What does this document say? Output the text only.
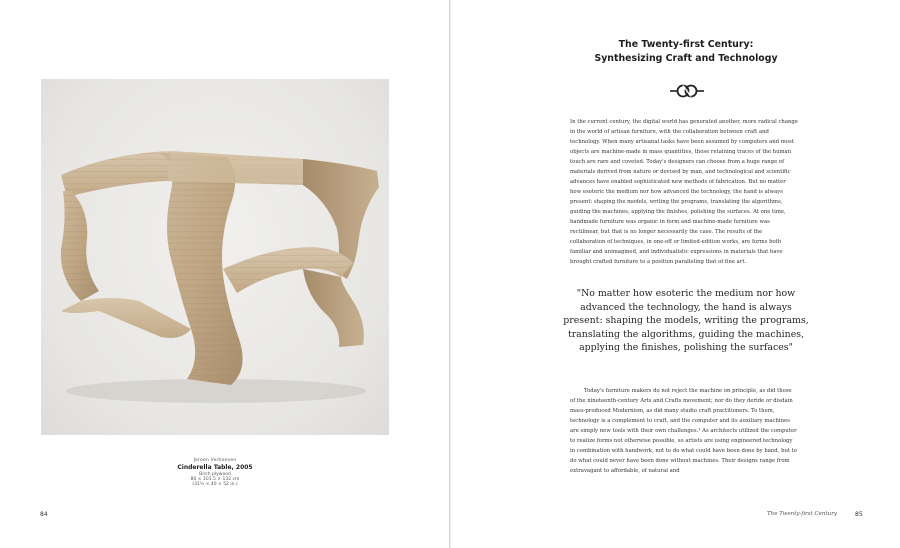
Jeroen Verhoeven
Cinderella Table, 2005
Birch plywood
80 × 101.5 × 132 cm
(31½ × 40 × 52 in.)
84
The Twenty-first Century:
Synthesizing Craft and Technology

In the current century, the digital world has generated another, more radical change in the world of artisan furniture, with the collaboration between craft and technology. When many artisanal tasks have been assumed by computers and most objects are machine-made in mass quantities, those retaining traces of the human touch are rare and coveted. Today's designers can choose from a huge range of materials derived from nature or devised by man, and technological and scientific advances have enabled sophisticated new methods of fabrication. But no matter how esoteric the medium nor how advanced the technology, the hand is always present: shaping the models, writing the programs, translating the algorithms, guiding the machines, applying the finishes, polishing the surfaces. At one time, handmade furniture was organic in form and machine-made furniture was rectilinear, but that is no longer necessarily the case. The results of the collaboration of techniques, in one-off or limited-edition works, are forms both familiar and unimagined, and individualistic expressions in materials that have brought crafted furniture to a position paralleling that of fine art.

"No matter how esoteric the medium nor how advanced the technology, the hand is always present: shaping the models, writing the programs, translating the algorithms, guiding the machines, applying the finishes, polishing the surfaces"

Today's furniture makers do not reject the machine on principle, as did those of the nineteenth-century Arts and Crafts movement; nor do they deride or disdain mass-produced Modernism, as did many studio craft practitioners. To them, technology is a complement to craft, and the computer and its auxiliary machines are simply new tools with their own challenges.¹ As architects utilized the computer to realize forms not otherwise possible, so artists are using engineered technology in combination with handwork, not to do what could have been done by hand, but to do what could never have been done without machines. Their designs range from extravagant to affordable, of natural and

The Twenty-first Century	85
